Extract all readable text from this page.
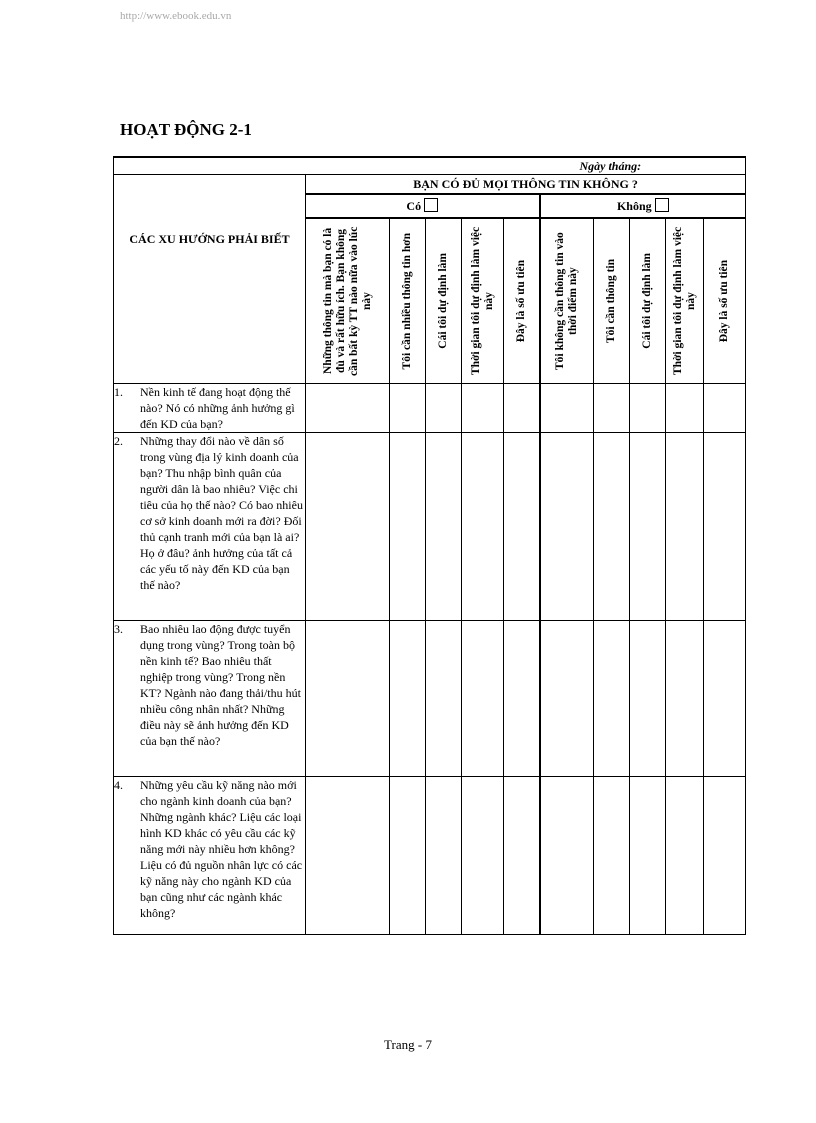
http://www.ebook.edu.vn
HOẠT ĐỘNG 2-1
Ngày tháng:										
CÁC XU HƯỚNG PHẢI BIẾT	BẠN CÓ ĐỦ MỌI THÔNG TIN KHÔNG ?									
	Có					Không				

	Những thông tin mà bạn có là đủ và rất hữu ích. Bạn không cần bất kỳ TT nào nữa vào lúc này	Tôi cần nhiều thông tin hơn	Cái tôi dự định làm	Thời gian tôi dự định làm việc này	Đây là số ưu tiên	Tôi không cần thông tin vào thời điểm này	Tôi cần thông tin	Cái tôi dự định làm	Thời gian tôi dự định làm việc này	Đây là số ưu tiên

1. Nền kinh tế đang hoạt động thế nào? Nó có những ảnh hưởng gì đến KD của bạn?										

2. Những thay đổi nào về dân số trong vùng địa lý kinh doanh của bạn? Thu nhập bình quân của người dân là bao nhiêu? Việc chi tiêu của họ thế nào? Có bao nhiêu cơ sở kinh doanh mới ra đời? Đối thủ cạnh tranh mới của bạn là ai? Họ ở đâu? ảnh hưởng của tất cả các yếu tố này đến KD của bạn thế nào?										

3. Bao nhiêu lao động được tuyển dụng trong vùng? Trong toàn bộ nền kinh tế? Bao nhiêu thất nghiệp trong vùng? Trong nền KT? Ngành nào đang thải/thu hút nhiều công nhân nhất? Những điều này sẽ ảnh hưởng đến KD của bạn thế nào?										

4. Những yêu cầu kỹ năng nào mới cho ngành kinh doanh của bạn? Những ngành khác? Liệu các loại hình KD khác có yêu cầu các kỹ năng mới này nhiều hơn không? Liệu có đủ nguồn nhân lực có các kỹ năng này cho ngành KD của bạn cũng như các ngành khác không?										

Trang - 7
